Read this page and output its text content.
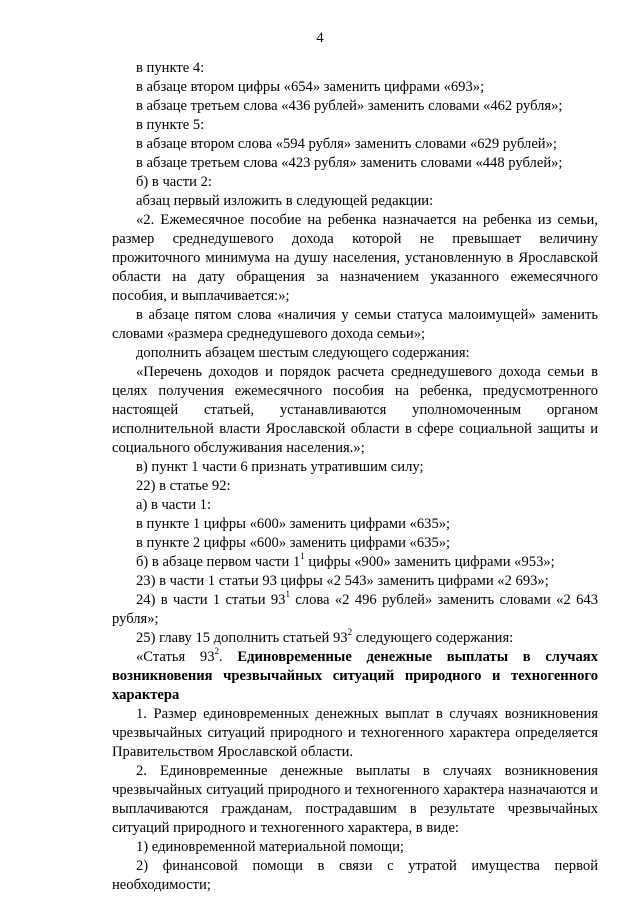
4

в пункте 4:

в абзаце втором цифры «654» заменить цифрами «693»;

в абзаце третьем слова «436 рублей» заменить словами «462 рубля»;

в пункте 5:

в абзаце втором слова «594 рубля» заменить словами «629 рублей»;

в абзаце третьем слова «423 рубля» заменить словами «448 рублей»;

б) в части 2:

абзац первый изложить в следующей редакции:

«2. Ежемесячное пособие на ребенка назначается на ребенка из семьи, размер среднедушевого дохода которой не превышает величину прожиточного минимума на душу населения, установленную в Ярославской области на дату обращения за назначением указанного ежемесячного пособия, и выплачивается:»;

в абзаце пятом слова «наличия у семьи статуса малоимущей» заменить словами «размера среднедушевого дохода семьи»;

дополнить абзацем шестым следующего содержания:

«Перечень доходов и порядок расчета среднедушевого дохода семьи в целях получения ежемесячного пособия на ребенка, предусмотренного настоящей статьей, устанавливаются уполномоченным органом исполнительной власти Ярославской области в сфере социальной защиты и социального обслуживания населения.»;

в) пункт 1 части 6 признать утратившим силу;

22) в статье 92:

а) в части 1:

в пункте 1 цифры «600» заменить цифрами «635»;

в пункте 2 цифры «600» заменить цифрами «635»;

б) в абзаце первом части $1^1$ цифры «900» заменить цифрами «953»;

23) в части 1 статьи 93 цифры «2 543» заменить цифрами «2 693»;

24) в части 1 статьи $93^1$ слова «2 496 рублей» заменить словами «2 643 рубля»;

25) главу 15 дополнить статьей $93^2$ следующего содержания:

«Статья $93^2$. Единовременные денежные выплаты в случаях возникновения чрезвычайных ситуаций природного и техногенного характера

1. Размер единовременных денежных выплат в случаях возникновения чрезвычайных ситуаций природного и техногенного характера определяется Правительством Ярославской области.

2. Единовременные денежные выплаты в случаях возникновения чрезвычайных ситуаций природного и техногенного характера назначаются и выплачиваются гражданам, пострадавшим в результате чрезвычайных ситуаций природного и техногенного характера, в виде:

1) единовременной материальной помощи;

2) финансовой помощи в связи с утратой имущества первой необходимости;
